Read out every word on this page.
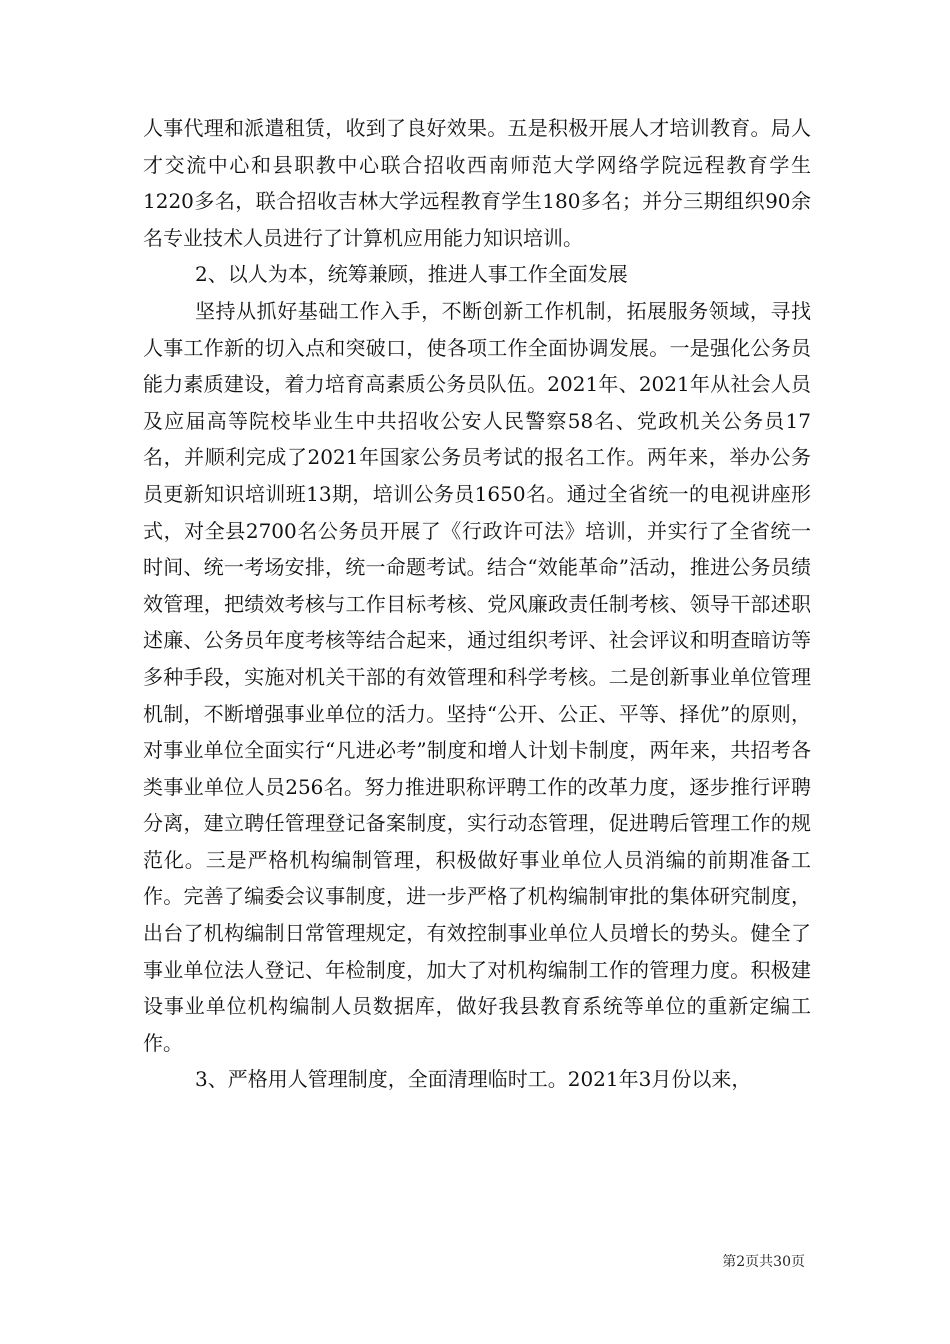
人事代理和派遣租赁，收到了良好效果。五是积极开展人才培训教育。局人才交流中心和县职教中心联合招收西南师范大学网络学院远程教育学生1220多名，联合招收吉林大学远程教育学生180多名；并分三期组织90余名专业技术人员进行了计算机应用能力知识培训。

2、以人为本，统筹兼顾，推进人事工作全面发展

坚持从抓好基础工作入手，不断创新工作机制，拓展服务领域，寻找人事工作新的切入点和突破口，使各项工作全面协调发展。一是强化公务员能力素质建设，着力培育高素质公务员队伍。2021年、2021年从社会人员及应届高等院校毕业生中共招收公安人民警察58名、党政机关公务员17名，并顺利完成了2021年国家公务员考试的报名工作。两年来，举办公务员更新知识培训班13期，培训公务员1650名。通过全省统一的电视讲座形式，对全县2700名公务员开展了《行政许可法》培训，并实行了全省统一时间、统一考场安排，统一命题考试。结合“效能革命”活动，推进公务员绩效管理，把绩效考核与工作目标考核、党风廉政责任制考核、领导干部述职述廉、公务员年度考核等结合起来，通过组织考评、社会评议和明查暗访等多种手段，实施对机关干部的有效管理和科学考核。二是创新事业单位管理机制，不断增强事业单位的活力。坚持“公开、公正、平等、择优”的原则，对事业单位全面实行“凡进必考”制度和增人计划卡制度，两年来，共招考各类事业单位人员256名。努力推进职称评聘工作的改革力度，逐步推行评聘分离，建立聘任管理登记备案制度，实行动态管理，促进聘后管理工作的规范化。三是严格机构编制管理，积极做好事业单位人员消编的前期准备工作。完善了编委会议事制度，进一步严格了机构编制审批的集体研究制度，出台了机构编制日常管理规定，有效控制事业单位人员增长的势头。健全了事业单位法人登记、年检制度，加大了对机构编制工作的管理力度。积极建设事业单位机构编制人员数据库，做好我县教育系统等单位的重新定编工作。

3、严格用人管理制度，全面清理临时工。2021年3月份以来，

第2页共30页
